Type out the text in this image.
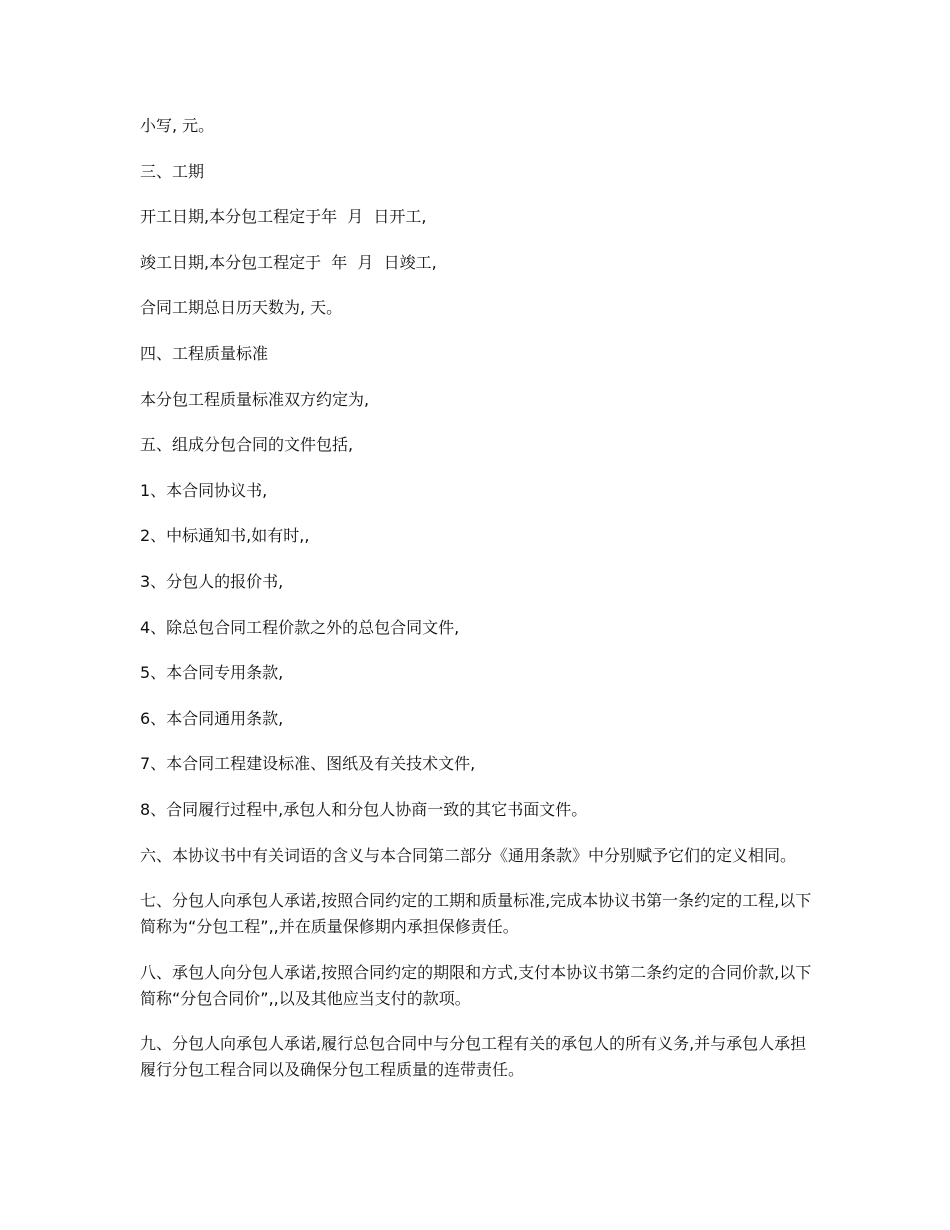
小写, 元。

三、工期

开工日期,本分包工程定于年  月  日开工,

竣工日期,本分包工程定于  年  月  日竣工,

合同工期总日历天数为, 天。

四、工程质量标准

本分包工程质量标准双方约定为,

五、组成分包合同的文件包括,

1、本合同协议书,

2、中标通知书,如有时,,

3、分包人的报价书,

4、除总包合同工程价款之外的总包合同文件,

5、本合同专用条款,

6、本合同通用条款,

7、本合同工程建设标准、图纸及有关技术文件,

8、合同履行过程中,承包人和分包人协商一致的其它书面文件。

六、本协议书中有关词语的含义与本合同第二部分《通用条款》中分别赋予它们的定义相同。

七、分包人向承包人承诺,按照合同约定的工期和质量标准,完成本协议书第一条约定的工程,以下简称为“分包工程”,,并在质量保修期内承担保修责任。

八、承包人向分包人承诺,按照合同约定的期限和方式,支付本协议书第二条约定的合同价款,以下简称“分包合同价”,,以及其他应当支付的款项。

九、分包人向承包人承诺,履行总包合同中与分包工程有关的承包人的所有义务,并与承包人承担履行分包工程合同以及确保分包工程质量的连带责任。
